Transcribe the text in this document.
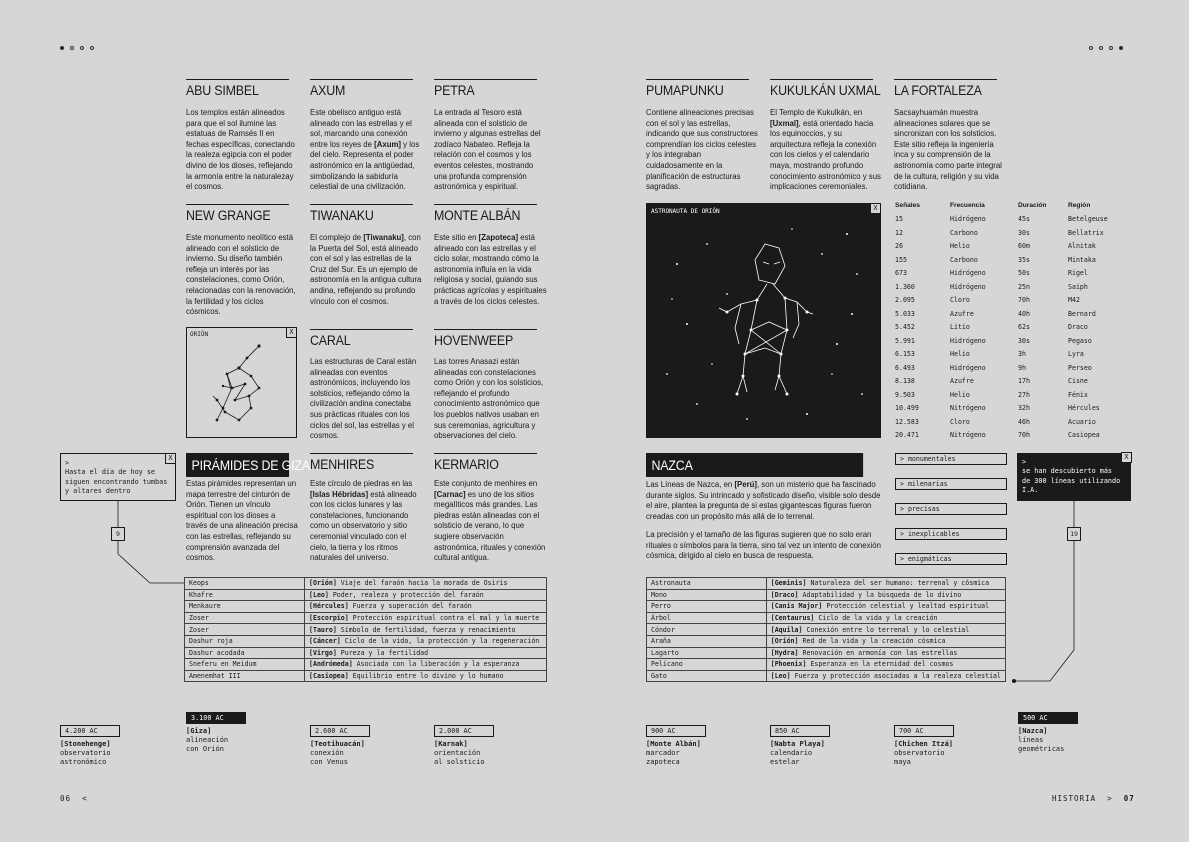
ABU SIMBEL
Los templos están alineados para que el sol ilumine las estatuas de Ramsés II en fechas específicas, conectando la realeza egipcia con el poder divino de los dioses, reflejando la armonía entre la naturalezay el cosmos.
AXUM
Este obelisco antiguo está alineado con las estrellas y el sol, marcando una conexión entre los reyes de [Axum] y los del cielo. Representa el poder astronómico en la antigüedad, simbolizando la sabiduría celestial de una civilización.
PETRA
La entrada al Tesoro está alineada con el solsticio de invierno y algunas estrellas del zodíaco Nabateo. Refleja la relación con el cosmos y los eventos celestes, mostrando una profunda comprensión astronómica y espiritual.
NEW GRANGE
Este monumento neolítico está alineado con el solsticio de invierno. Su diseño también refleja un interés por las constelaciones, como Orión, relacionadas con la renovación, la fertilidad y los ciclos cósmicos.
TIWANAKU
El complejo de [Tiwanaku], con la Puerta del Sol, está alineado con el sol y las estrellas de la Cruz del Sur. Es un ejemplo de astronomía en la antigua cultura andina, reflejando su profundo vínculo con el cosmos.
MONTE ALBÁN
Este sitio en [Zapoteca] está alineado con las estrellas y el ciclo solar, mostrando cómo la astronomía influía en la vida religiosa y social, guiando sus prácticas agrícolas y espirituales a través de los ciclos celestes.
ORIÓN	X
CARAL
Las estructuras de Caral están alineadas con eventos astronómicos, incluyendo los solsticios, reflejando cómo la civilización andina conectaba sus prácticas rituales con los ciclos del sol, las estrellas y el cosmos.
HOVENWEEP
Las torres Anasazi están alineadas con constelaciones como Orión y con los solsticios, reflejando el profundo conocimiento astronómico que los pueblos nativos usaban en sus ceremonias, agricultura y observaciones del cielo.
PIRÁMIDES DE GIZA
Estas pirámides representan un mapa terrestre del cinturón de Orión. Tienen un vínculo espiritual con los dioses a través de una alineación precisa con las estrellas, reflejando su comprensión avanzada del cosmos.
MENHIRES
Este círculo de piedras en las [Islas Hébridas] está alineado con los ciclos lunares y las constelaciones, funcionando como un observatorio y sitio ceremonial vinculado con el cielo, la tierra y los ritmos naturales del universo.
KERMARIO
Este conjunto de menhires en [Carnac] es uno de los sitios megalíticos más grandes. Las piedras están alineadas con el solsticio de verano, lo que sugiere observación astronómica, rituales y conexión cultural antigua.
>
Hasta el día de hoy se siguen encontrando tumbas y altares dentro
X
9
Keops	[Orión] Viaje del faraón hacia la morada de Osiris
Khafre	[Leo] Poder, realeza y protección del faraón
Menkaure	[Hércules] Fuerza y superación del faraón
Zoser	[Escorpio] Protección espiritual contra el mal y la muerte
Zoser	[Tauro] Símbolo de fertilidad, fuerza y renacimiento
Dashur roja	[Cáncer] Ciclo de la vida, la protección y la regeneración
Dashur acodada	[Virgo] Pureza y la fertilidad
Sneferu en Meidum	[Andrómeda] Asociada con la liberación y la esperanza
Amenemhat III	[Casiopea] Equilibrio entre lo divino y lo humano
PUMAPUNKU
Contiene alineaciones precisas con el sol y las estrellas, indicando que sus constructores comprendían los ciclos celestes y los integraban cuidadosamente en la planificación de estructuras sagradas.
KUKULKÁN UXMAL
El Templo de Kukulkán, en [Uxmal], está orientado hacia los equinoccios, y su arquitectura refleja la conexión con los cielos y el calendario maya, mostrando profundo conocimiento astronómico y sus implicaciones ceremoniales.
LA FORTALEZA
Sacsayhuamán muestra alineaciones solares que se sincronizan con los solsticios. Este sitio refleja la ingeniería inca y su comprensión de la astronomía como parte integral de la cultura, religión y su vida cotidiana.
ASTRONAUTA DE ORIÓN	X	Señales	Frecuencia	Duración	Región
15	Hidrógeno	45s	Betelgeuse
12	Carbono	30s	Bellatrix
26	Helio	60m	Alnitak
155	Carbono	35s	Mintaka
673	Hidrógeno	50s	Rigel
1.360	Hidrógeno	25n	Saiph
2.095	Cloro	70h	M42
5.033	Azufre	40h	Bernard
5.452	Litio	62s	Draco
5.991	Hidrógeno	30s	Pegaso
6.153	Helio	3h	Lyra
6.493	Hidrógeno	9h	Perseo
8.138	Azufre	17h	Cisne
9.503	Helio	27h	Fénix
10.499	Nitrógeno	32h	Hércules
12.583	Cloro	46h	Acuario
20.471	Nitrógeno	70h	Casiopea
NAZCA
Las Líneas de Nazca, en [Perú], son un misterio que ha fascinado durante siglos. Su intrincado y sofisticado diseño, visible solo desde el aire, plantea la pregunta de si estas gigantescas figuras fueron creadas con un propósito más allá de lo terrenal.
La precisión y el tamaño de las figuras sugieren que no solo eran rituales o símbolos para la tierra, sino tal vez un intento de conexión cósmica, dirigido al cielo en busca de respuesta.
> monumentales
> milenarias
> precisas
> inexplicables
> enigmáticas
>
se han descubierto más de 300 líneas utilizando I.A.
X
19
Astronauta	[Geminis] Naturaleza del ser humano: terrenal y cósmica
Mono	[Draco] Adaptabilidad y la búsqueda de lo divino
Perro	[Canis Major] Protección celestial y lealtad espiritual
Árbol	[Centaurus] Ciclo de la vida y la creación
Cóndor	[Aquila] Conexión entre lo terrenal y lo celestial
Araña	[Orión] Red de la vida y la creación cósmica
Lagarto	[Hydra] Renovación en armonía con las estrellas
Pelícano	[Phoenix] Esperanza en la eternidad del cosmos
Gato	[Leo] Fuerza y protección asociadas a la realeza celestial
4.200 AC
[Stonehenge]
observatorio
astronómico
3.100 AC
[Giza]
alineación
con Orión
2.600 AC
[Teotihuacán]
conexión
con Venus
2.000 AC
[Karnak]
orientación
al solsticio
900 AC
[Monte Albán]
marcador
zapoteca
850 AC
[Nabta Playa]
calendario
estelar
700 AC
[Chichen Itzá]
observatorio
maya
500 AC
[Nazca]
líneas
geométricas
06 <	HISTORIA > 07
